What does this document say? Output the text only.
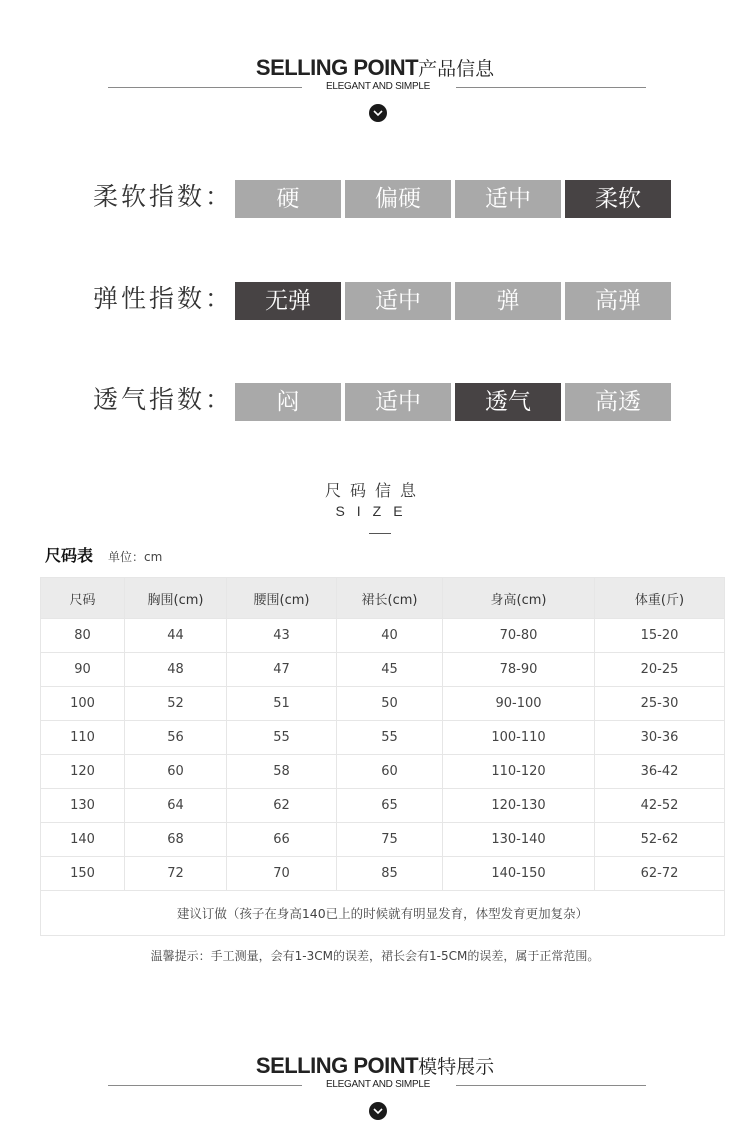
SELLING POINT产品信息
ELEGANT AND SIMPLE
柔软指数：	硬	偏硬	适中	柔软
弹性指数：	无弹	适中	弹	高弹
透气指数：	闷	适中	透气	高透
尺码信息
SIZE
尺码表 单位：cm
尺码	胸围(cm)	腰围(cm)	裙长(cm)	身高(cm)	体重(斤)
80	44	43	40	70-80	15-20
90	48	47	45	78-90	20-25
100	52	51	50	90-100	25-30
110	56	55	55	100-110	30-36
120	60	58	60	110-120	36-42
130	64	62	65	120-130	42-52
140	68	66	75	130-140	52-62
150	72	70	85	140-150	62-72
建议订做（孩子在身高140已上的时候就有明显发育，体型发育更加复杂）					
温馨提示：手工测量，会有1-3CM的误差，裙长会有1-5CM的误差，属于正常范围。
SELLING POINT模特展示
ELEGANT AND SIMPLE
